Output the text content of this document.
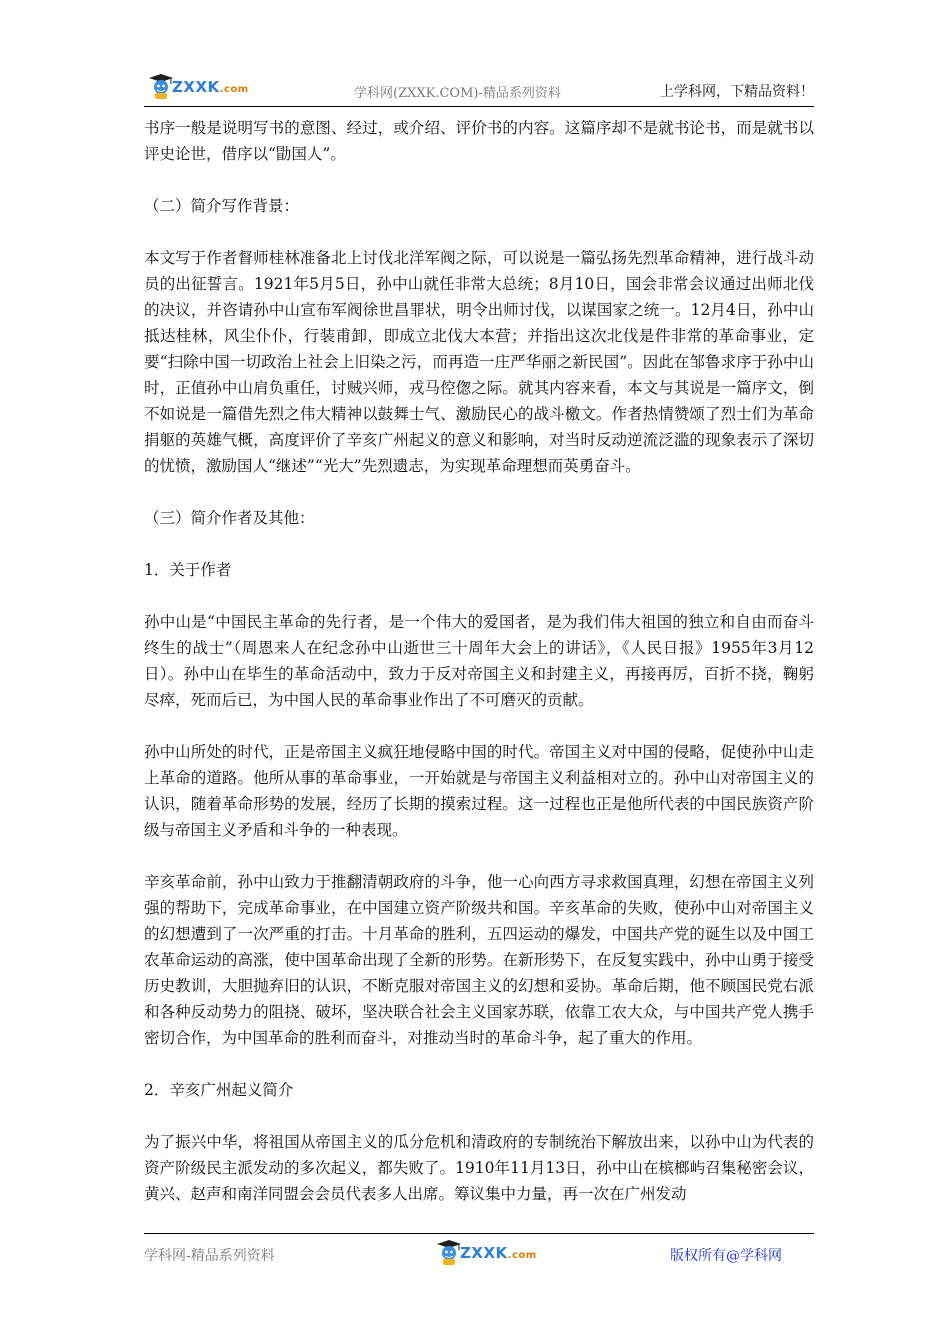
ZXXK.com	学科网(ZXXK.COM)-精品系列资料	上学科网，下精品资料！

书序一般是说明写书的意图、经过，或介绍、评价书的内容。这篇序却不是就书论书，而是就书以评史论世，借序以“勖国人”。

（二）简介写作背景：

本文写于作者督师桂林准备北上讨伐北洋军阀之际，可以说是一篇弘扬先烈革命精神，进行战斗动员的出征誓言。1921年5月5日，孙中山就任非常大总统；8月10日，国会非常会议通过出师北伐的决议，并咨请孙中山宣布军阀徐世昌罪状，明令出师讨伐，以谋国家之统一。12月4日，孙中山抵达桂林，风尘仆仆，行装甫卸，即成立北伐大本营；并指出这次北伐是件非常的革命事业，定要“扫除中国一切政治上社会上旧染之污，而再造一庄严华丽之新民国”。因此在邹鲁求序于孙中山时，正值孙中山肩负重任，讨贼兴师，戎马倥偬之际。就其内容来看，本文与其说是一篇序文，倒不如说是一篇借先烈之伟大精神以鼓舞士气、激励民心的战斗檄文。作者热情赞颂了烈士们为革命捐躯的英雄气概，高度评价了辛亥广州起义的意义和影响，对当时反动逆流泛滥的现象表示了深切的忧愤，激励国人“继述”“光大”先烈遗志，为实现革命理想而英勇奋斗。

（三）简介作者及其他：

1．关于作者

孙中山是“中国民主革命的先行者，是一个伟大的爱国者，是为我们伟大祖国的独立和自由而奋斗终生的战士”（周恩来人在纪念孙中山逝世三十周年大会上的讲话》，《人民日报》1955年3月12日）。孙中山在毕生的革命活动中，致力于反对帝国主义和封建主义，再接再厉，百折不挠，鞠躬尽瘁，死而后已，为中国人民的革命事业作出了不可磨灭的贡献。

孙中山所处的时代，正是帝国主义疯狂地侵略中国的时代。帝国主义对中国的侵略，促使孙中山走上革命的道路。他所从事的革命事业，一开始就是与帝国主义利益相对立的。孙中山对帝国主义的认识，随着革命形势的发展，经历了长期的摸索过程。这一过程也正是他所代表的中国民族资产阶级与帝国主义矛盾和斗争的一种表现。

辛亥革命前，孙中山致力于推翻清朝政府的斗争，他一心向西方寻求救国真理，幻想在帝国主义列强的帮助下，完成革命事业，在中国建立资产阶级共和国。辛亥革命的失败，使孙中山对帝国主义的幻想遭到了一次严重的打击。十月革命的胜利，五四运动的爆发，中国共产党的诞生以及中国工农革命运动的高涨，使中国革命出现了全新的形势。在新形势下，在反复实践中，孙中山勇于接受历史教训，大胆抛弃旧的认识，不断克服对帝国主义的幻想和妥协。革命后期，他不顾国民党右派和各种反动势力的阻挠、破坏，坚决联合社会主义国家苏联，依靠工农大众，与中国共产党人携手密切合作，为中国革命的胜利而奋斗，对推动当时的革命斗争，起了重大的作用。

2．辛亥广州起义简介

为了振兴中华，将祖国从帝国主义的瓜分危机和清政府的专制统治下解放出来，以孙中山为代表的资产阶级民主派发动的多次起义，都失败了。1910年11月13日，孙中山在槟榔屿召集秘密会议，黄兴、赵声和南洋同盟会会员代表多人出席。筹议集中力量，再一次在广州发动

学科网-精品系列资料	ZXXK.com	版权所有@学科网
